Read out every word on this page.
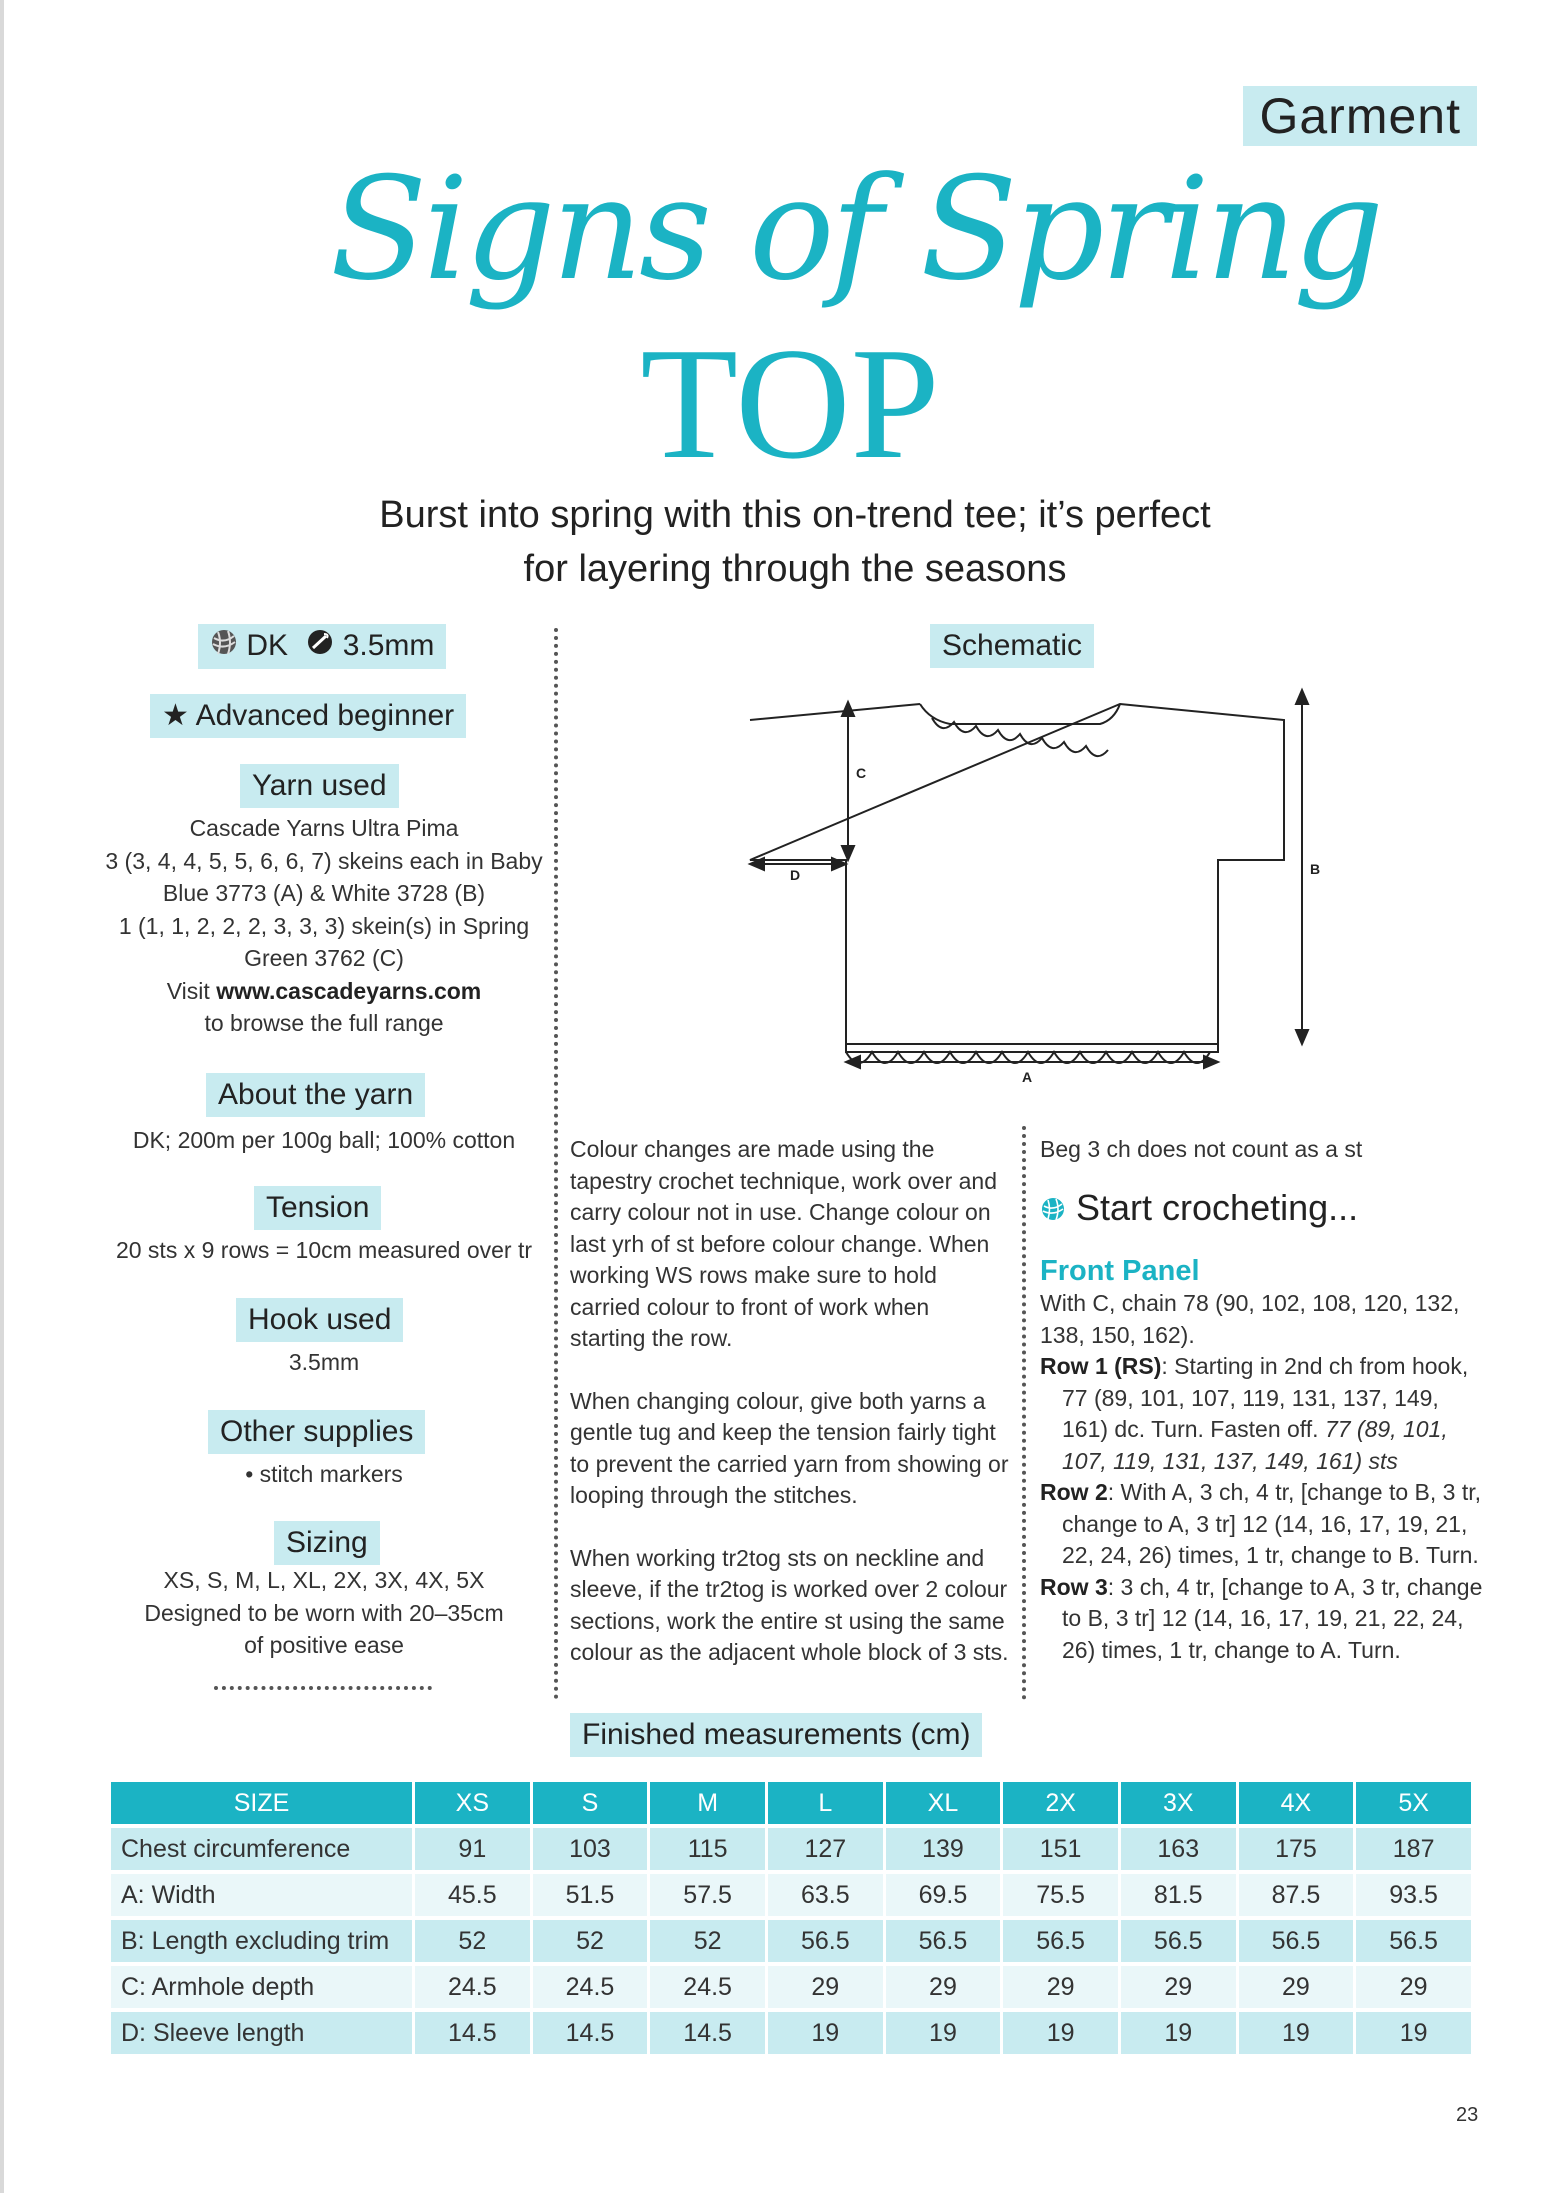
Garment
Signs of Spring
TOP
Burst into spring with this on-trend tee; it’s perfect
for layering through the seasons
DK 3.5mm
★ Advanced beginner
Yarn used
Cascade Yarns Ultra Pima
3 (3, 4, 4, 5, 5, 6, 6, 7) skeins each in Baby
Blue 3773 (A) & White 3728 (B)
1 (1, 1, 2, 2, 2, 3, 3, 3) skein(s) in Spring
Green 3762 (C)
Visit www.cascadeyarns.com
to browse the full range
About the yarn
DK; 200m per 100g ball; 100% cotton
Tension
20 sts x 9 rows = 10cm measured over tr
Hook used
3.5mm
Other supplies
• stitch markers
Sizing
XS, S, M, L, XL, 2X, 3X, 4X, 5X
Designed to be worn with 20–35cm
of positive ease
Schematic
C
B
D
A

Colour changes are made using the tapestry crochet technique, work over and carry colour not in use. Change colour on last yrh of st before colour change. When working WS rows make sure to hold carried colour to front of work when starting the row.

When changing colour, give both yarns a gentle tug and keep the tension fairly tight to prevent the carried yarn from showing or looping through the stitches.

When working tr2tog sts on neckline and sleeve, if the tr2tog is worked over 2 colour sections, work the entire st using the same colour as the adjacent whole block of 3 sts.

Beg 3 ch does not count as a st
Start crocheting...
Front Panel
With C, chain 78 (90, 102, 108, 120, 132, 138, 150, 162).
Row 1 (RS): Starting in 2nd ch from hook, 77 (89, 101, 107, 119, 131, 137, 149, 161) dc. Turn. Fasten off. 77 (89, 101, 107, 119, 131, 137, 149, 161) sts
Row 2: With A, 3 ch, 4 tr, [change to B, 3 tr, change to A, 3 tr] 12 (14, 16, 17, 19, 21, 22, 24, 26) times, 1 tr, change to B. Turn.
Row 3: 3 ch, 4 tr, [change to A, 3 tr, change to B, 3 tr] 12 (14, 16, 17, 19, 21, 22, 24, 26) times, 1 tr, change to A. Turn.
Finished measurements (cm)
SIZE	XS	S	M	L	XL	2X	3X	4X	5X
Chest circumference	91	103	115	127	139	151	163	175	187
A: Width	45.5	51.5	57.5	63.5	69.5	75.5	81.5	87.5	93.5
B: Length excluding trim	52	52	52	56.5	56.5	56.5	56.5	56.5	56.5
C: Armhole depth	24.5	24.5	24.5	29	29	29	29	29	29
D: Sleeve length	14.5	14.5	14.5	19	19	19	19	19	19
23
